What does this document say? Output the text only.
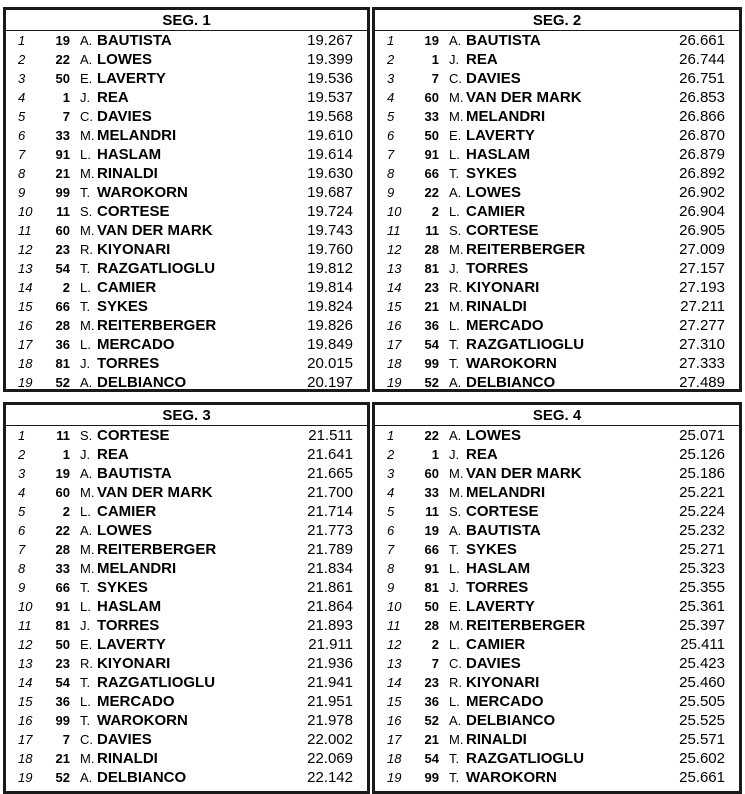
SEG. 1
1	19 A. BAUTISTA	19.267
2	22 A. LOWES	19.399
3	50 E. LAVERTY	19.536
4	1 J. REA	19.537
5	7 C. DAVIES	19.568
6	33 M. MELANDRI	19.610
7	91 L. HASLAM	19.614
8	21 M. RINALDI	19.630
9	99 T. WAROKORN	19.687
10	11 S. CORTESE	19.724
11	60 M. VAN DER MARK	19.743
12	23 R. KIYONARI	19.760
13	54 T. RAZGATLIOGLU	19.812
14	2 L. CAMIER	19.814
15	66 T. SYKES	19.824
16	28 M. REITERBERGER	19.826
17	36 L. MERCADO	19.849
18	81 J. TORRES	20.015
19	52 A. DELBIANCO	20.197
SEG. 2
1	19 A. BAUTISTA	26.661
2	1 J. REA	26.744
3	7 C. DAVIES	26.751
4	60 M. VAN DER MARK	26.853
5	33 M. MELANDRI	26.866
6	50 E. LAVERTY	26.870
7	91 L. HASLAM	26.879
8	66 T. SYKES	26.892
9	22 A. LOWES	26.902
10	2 L. CAMIER	26.904
11	11 S. CORTESE	26.905
12	28 M. REITERBERGER	27.009
13	81 J. TORRES	27.157
14	23 R. KIYONARI	27.193
15	21 M. RINALDI	27.211
16	36 L. MERCADO	27.277
17	54 T. RAZGATLIOGLU	27.310
18	99 T. WAROKORN	27.333
19	52 A. DELBIANCO	27.489
SEG. 3
1	11 S. CORTESE	21.511
2	1 J. REA	21.641
3	19 A. BAUTISTA	21.665
4	60 M. VAN DER MARK	21.700
5	2 L. CAMIER	21.714
6	22 A. LOWES	21.773
7	28 M. REITERBERGER	21.789
8	33 M. MELANDRI	21.834
9	66 T. SYKES	21.861
10	91 L. HASLAM	21.864
11	81 J. TORRES	21.893
12	50 E. LAVERTY	21.911
13	23 R. KIYONARI	21.936
14	54 T. RAZGATLIOGLU	21.941
15	36 L. MERCADO	21.951
16	99 T. WAROKORN	21.978
17	7 C. DAVIES	22.002
18	21 M. RINALDI	22.069
19	52 A. DELBIANCO	22.142
SEG. 4
1	22 A. LOWES	25.071
2	1 J. REA	25.126
3	60 M. VAN DER MARK	25.186
4	33 M. MELANDRI	25.221
5	11 S. CORTESE	25.224
6	19 A. BAUTISTA	25.232
7	66 T. SYKES	25.271
8	91 L. HASLAM	25.323
9	81 J. TORRES	25.355
10	50 E. LAVERTY	25.361
11	28 M. REITERBERGER	25.397
12	2 L. CAMIER	25.411
13	7 C. DAVIES	25.423
14	23 R. KIYONARI	25.460
15	36 L. MERCADO	25.505
16	52 A. DELBIANCO	25.525
17	21 M. RINALDI	25.571
18	54 T. RAZGATLIOGLU	25.602
19	99 T. WAROKORN	25.661
